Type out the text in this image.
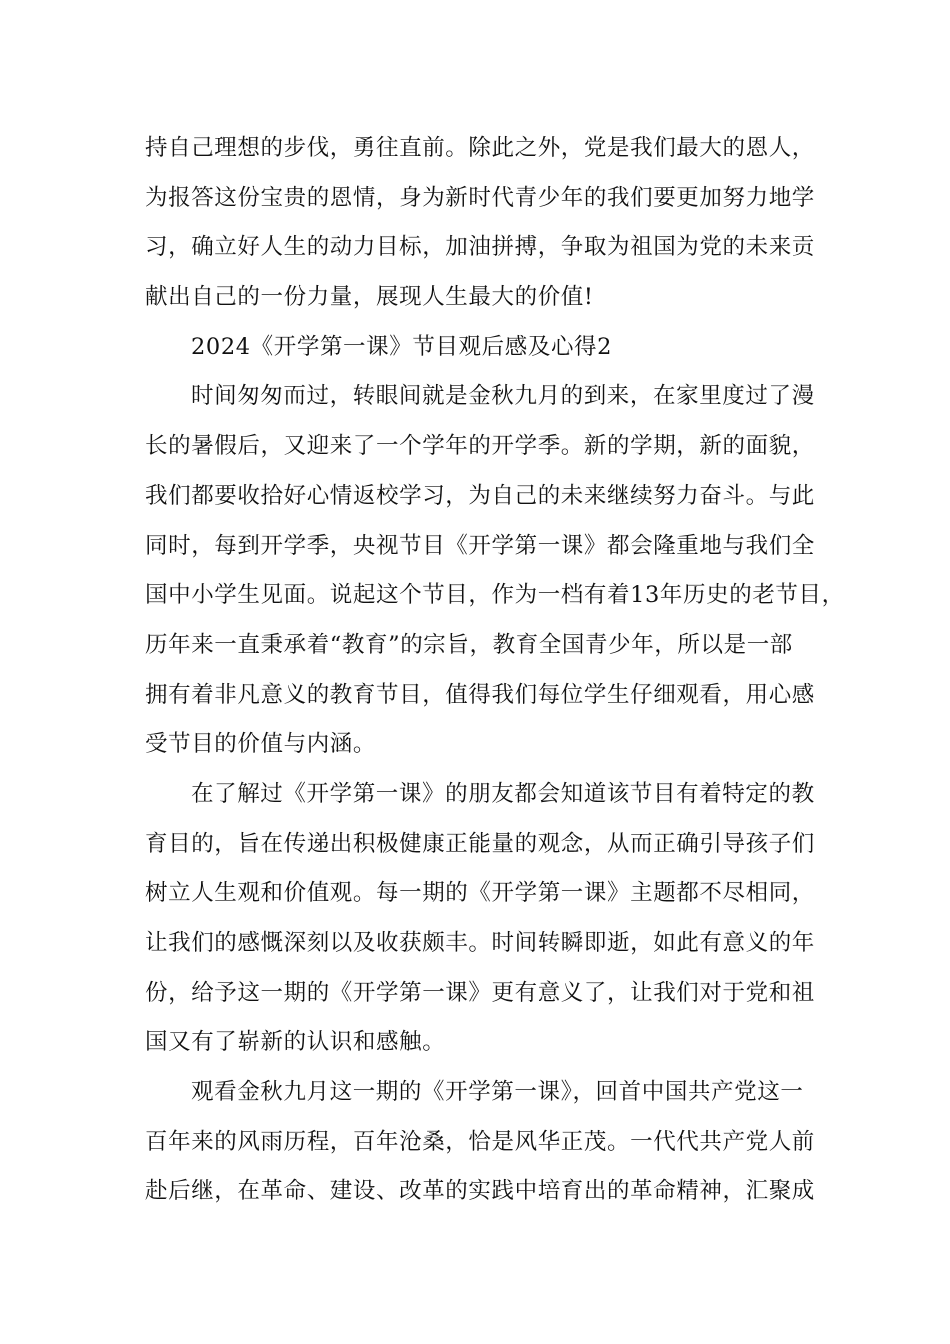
持自己理想的步伐，勇往直前。除此之外，党是我们最大的恩人，
为报答这份宝贵的恩情，身为新时代青少年的我们要更加努力地学
习，确立好人生的动力目标，加油拼搏，争取为祖国为党的未来贡
献出自己的一份力量，展现人生最大的价值!
2024《开学第一课》节目观后感及心得2
时间匆匆而过，转眼间就是金秋九月的到来，在家里度过了漫
长的暑假后，又迎来了一个学年的开学季。新的学期，新的面貌，
我们都要收拾好心情返校学习，为自己的未来继续努力奋斗。与此
同时，每到开学季，央视节目《开学第一课》都会隆重地与我们全
国中小学生见面。说起这个节目，作为一档有着13年历史的老节目，
历年来一直秉承着“教育”的宗旨，教育全国青少年，所以是一部
拥有着非凡意义的教育节目，值得我们每位学生仔细观看，用心感
受节目的价值与内涵。
在了解过《开学第一课》的朋友都会知道该节目有着特定的教
育目的，旨在传递出积极健康正能量的观念，从而正确引导孩子们
树立人生观和价值观。每一期的《开学第一课》主题都不尽相同，
让我们的感慨深刻以及收获颇丰。时间转瞬即逝，如此有意义的年
份，给予这一期的《开学第一课》更有意义了，让我们对于党和祖
国又有了崭新的认识和感触。
观看金秋九月这一期的《开学第一课》，回首中国共产党这一
百年来的风雨历程，百年沧桑，恰是风华正茂。一代代共产党人前
赴后继，在革命、建设、改革的实践中培育出的革命精神，汇聚成
